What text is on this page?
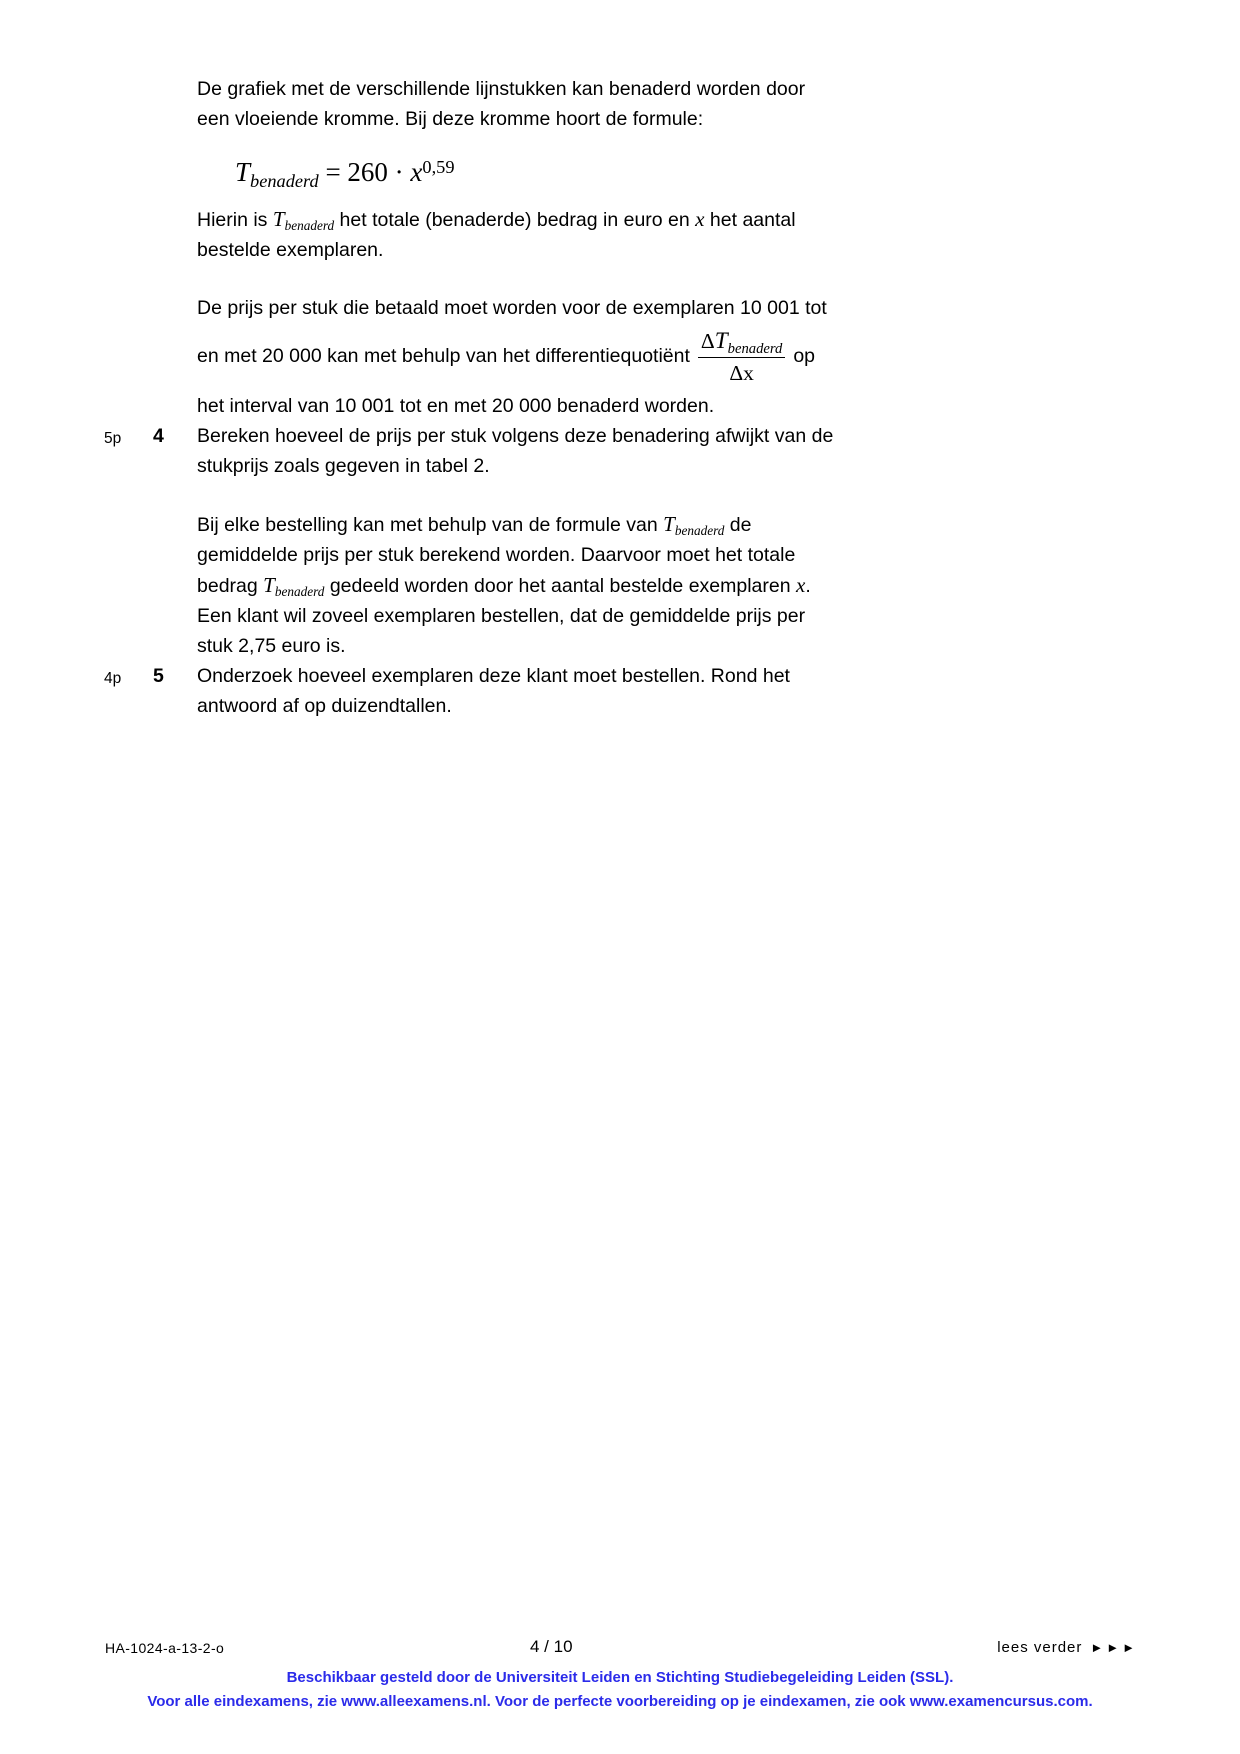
De grafiek met de verschillende lijnstukken kan benaderd worden door
een vloeiende kromme. Bij deze kromme hoort de formule:
$T_{benaderd} = 260 \cdot x^{0,59}$
Hierin is $T_{benaderd}$ het totale (benaderde) bedrag in euro en x het aantal
bestelde exemplaren.
De prijs per stuk die betaald moet worden voor de exemplaren 10 001 tot
en met 20 000 kan met behulp van het differentiequotiënt $\frac{\Delta T_{benaderd}}{\Delta x}$ op
het interval van 10 001 tot en met 20 000 benaderd worden.
5p 4 Bereken hoeveel de prijs per stuk volgens deze benadering afwijkt van de
stukprijs zoals gegeven in tabel 2.
Bij elke bestelling kan met behulp van de formule van $T_{benaderd}$ de
gemiddelde prijs per stuk berekend worden. Daarvoor moet het totale
bedrag $T_{benaderd}$ gedeeld worden door het aantal bestelde exemplaren x.
Een klant wil zoveel exemplaren bestellen, dat de gemiddelde prijs per
stuk 2,75 euro is.
4p 5 Onderzoek hoeveel exemplaren deze klant moet bestellen. Rond het
antwoord af op duizendtallen.
HA-1024-a-13-2-o	4 / 10	lees verder ►►►
Beschikbaar gesteld door de Universiteit Leiden en Stichting Studiebegeleiding Leiden (SSL).
Voor alle eindexamens, zie www.alleexamens.nl. Voor de perfecte voorbereiding op je eindexamen, zie ook www.examencursus.com.
